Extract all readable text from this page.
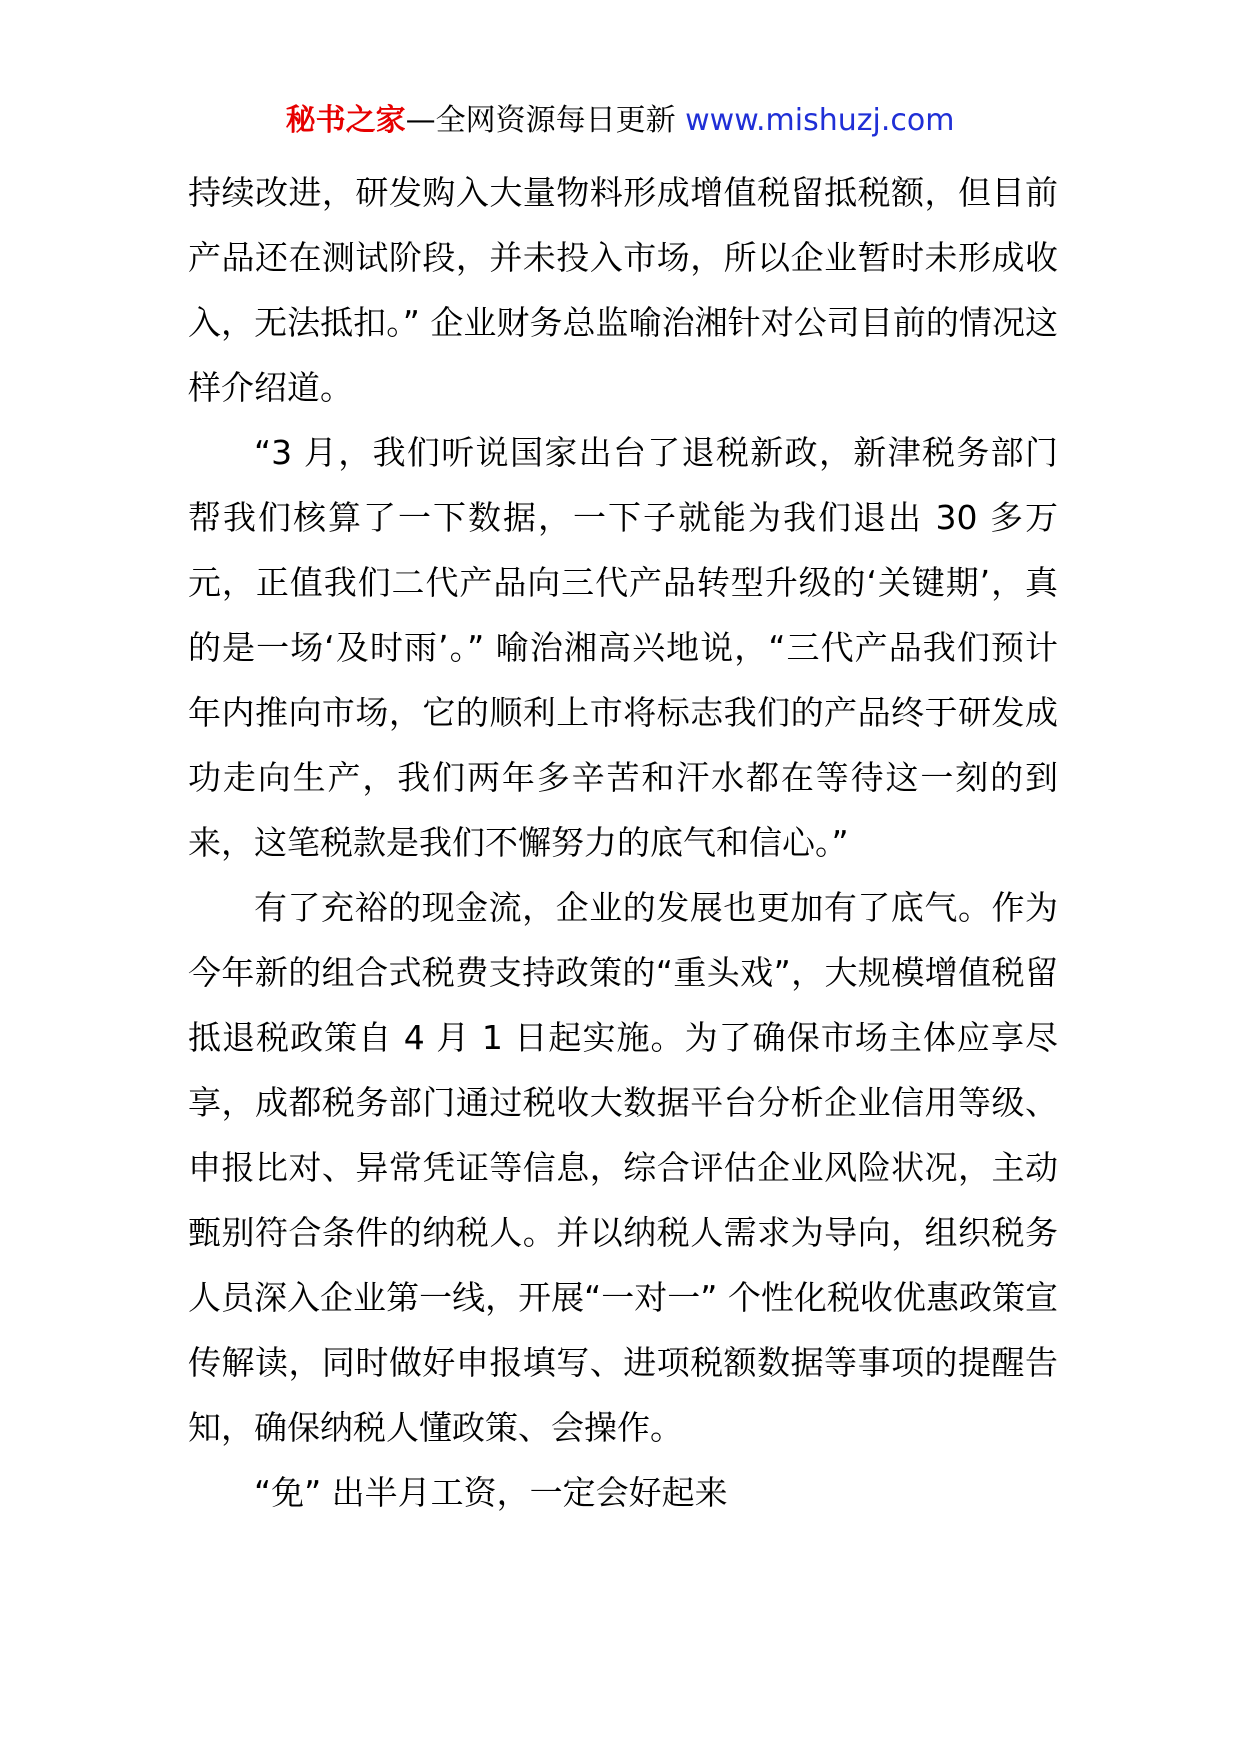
秘书之家—全网资源每日更新 www.mishuzj.com

持续改进，研发购入大量物料形成增值税留抵税额，但目前产品还在测试阶段，并未投入市场，所以企业暂时未形成收入，无法抵扣。” 企业财务总监喻治湘针对公司目前的情况这样介绍道。

“3 月，我们听说国家出台了退税新政，新津税务部门帮我们核算了一下数据，一下子就能为我们退出 30 多万元，正值我们二代产品向三代产品转型升级的‘关键期’，真的是一场‘及时雨’。” 喻治湘高兴地说，“三代产品我们预计年内推向市场，它的顺利上市将标志我们的产品终于研发成功走向生产，我们两年多辛苦和汗水都在等待这一刻的到来，这笔税款是我们不懈努力的底气和信心。”

有了充裕的现金流，企业的发展也更加有了底气。作为今年新的组合式税费支持政策的“重头戏”，大规模增值税留抵退税政策自 4 月 1 日起实施。为了确保市场主体应享尽享，成都税务部门通过税收大数据平台分析企业信用等级、申报比对、异常凭证等信息，综合评估企业风险状况，主动甄别符合条件的纳税人。并以纳税人需求为导向，组织税务人员深入企业第一线，开展“一对一” 个性化税收优惠政策宣传解读，同时做好申报填写、进项税额数据等事项的提醒告知，确保纳税人懂政策、会操作。

“免” 出半月工资，一定会好起来
